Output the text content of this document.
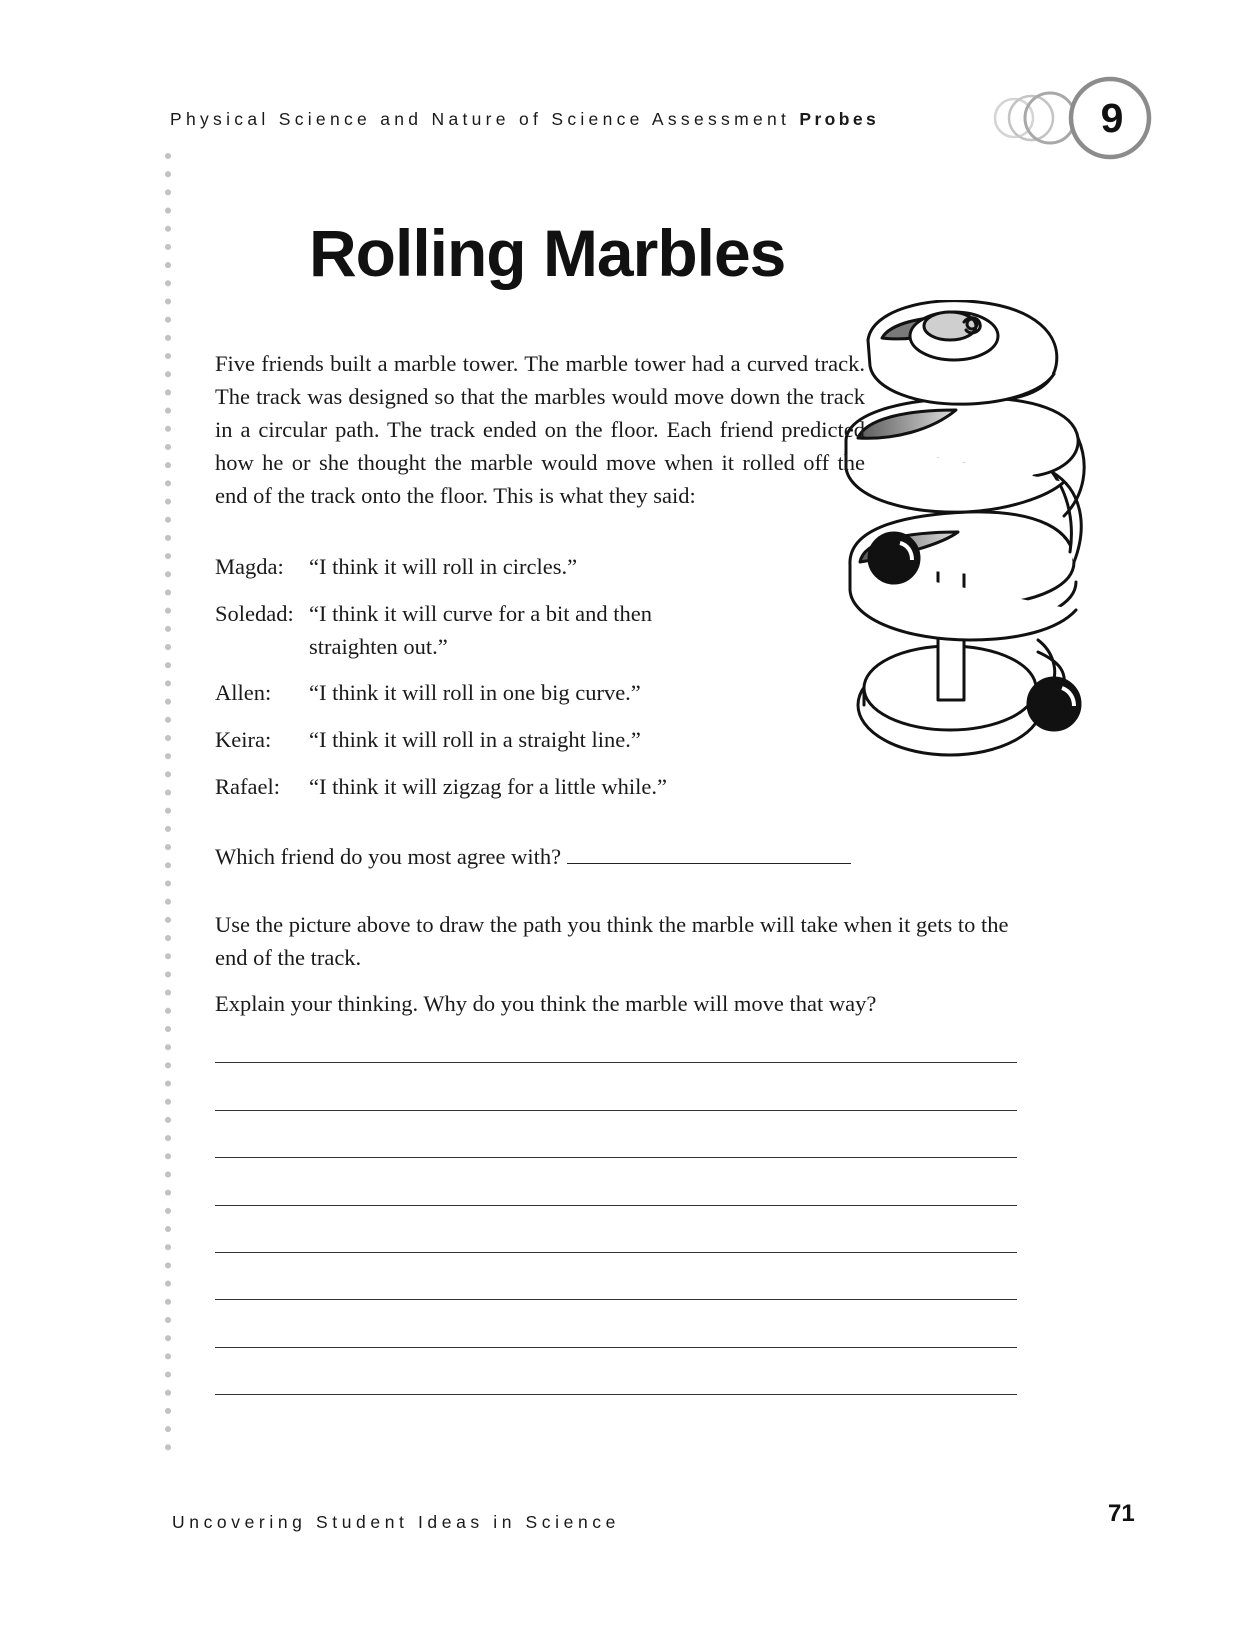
Physical Science and Nature of Science Assessment Probes	9
Rolling Marbles

Five friends built a marble tower. The marble tower had a curved track. The track was designed so that the marbles would move down the track in a circular path. The track ended on the floor. Each friend predicted how he or she thought the marble would move when it rolled off the end of the track onto the floor. This is what they said:

Magda: “I think it will roll in circles.”
Soledad: “I think it will curve for a bit and then
straighten out.”
Allen: “I think it will roll in one big curve.”
Keira: “I think it will roll in a straight line.”
Rafael: “I think it will zigzag for a little while.”

Which friend do you most agree with?

Use the picture above to draw the path you think the marble will take when it gets to the end of the track.

Explain your thinking. Why do you think the marble will move that way?

Uncovering Student Ideas in Science	71
